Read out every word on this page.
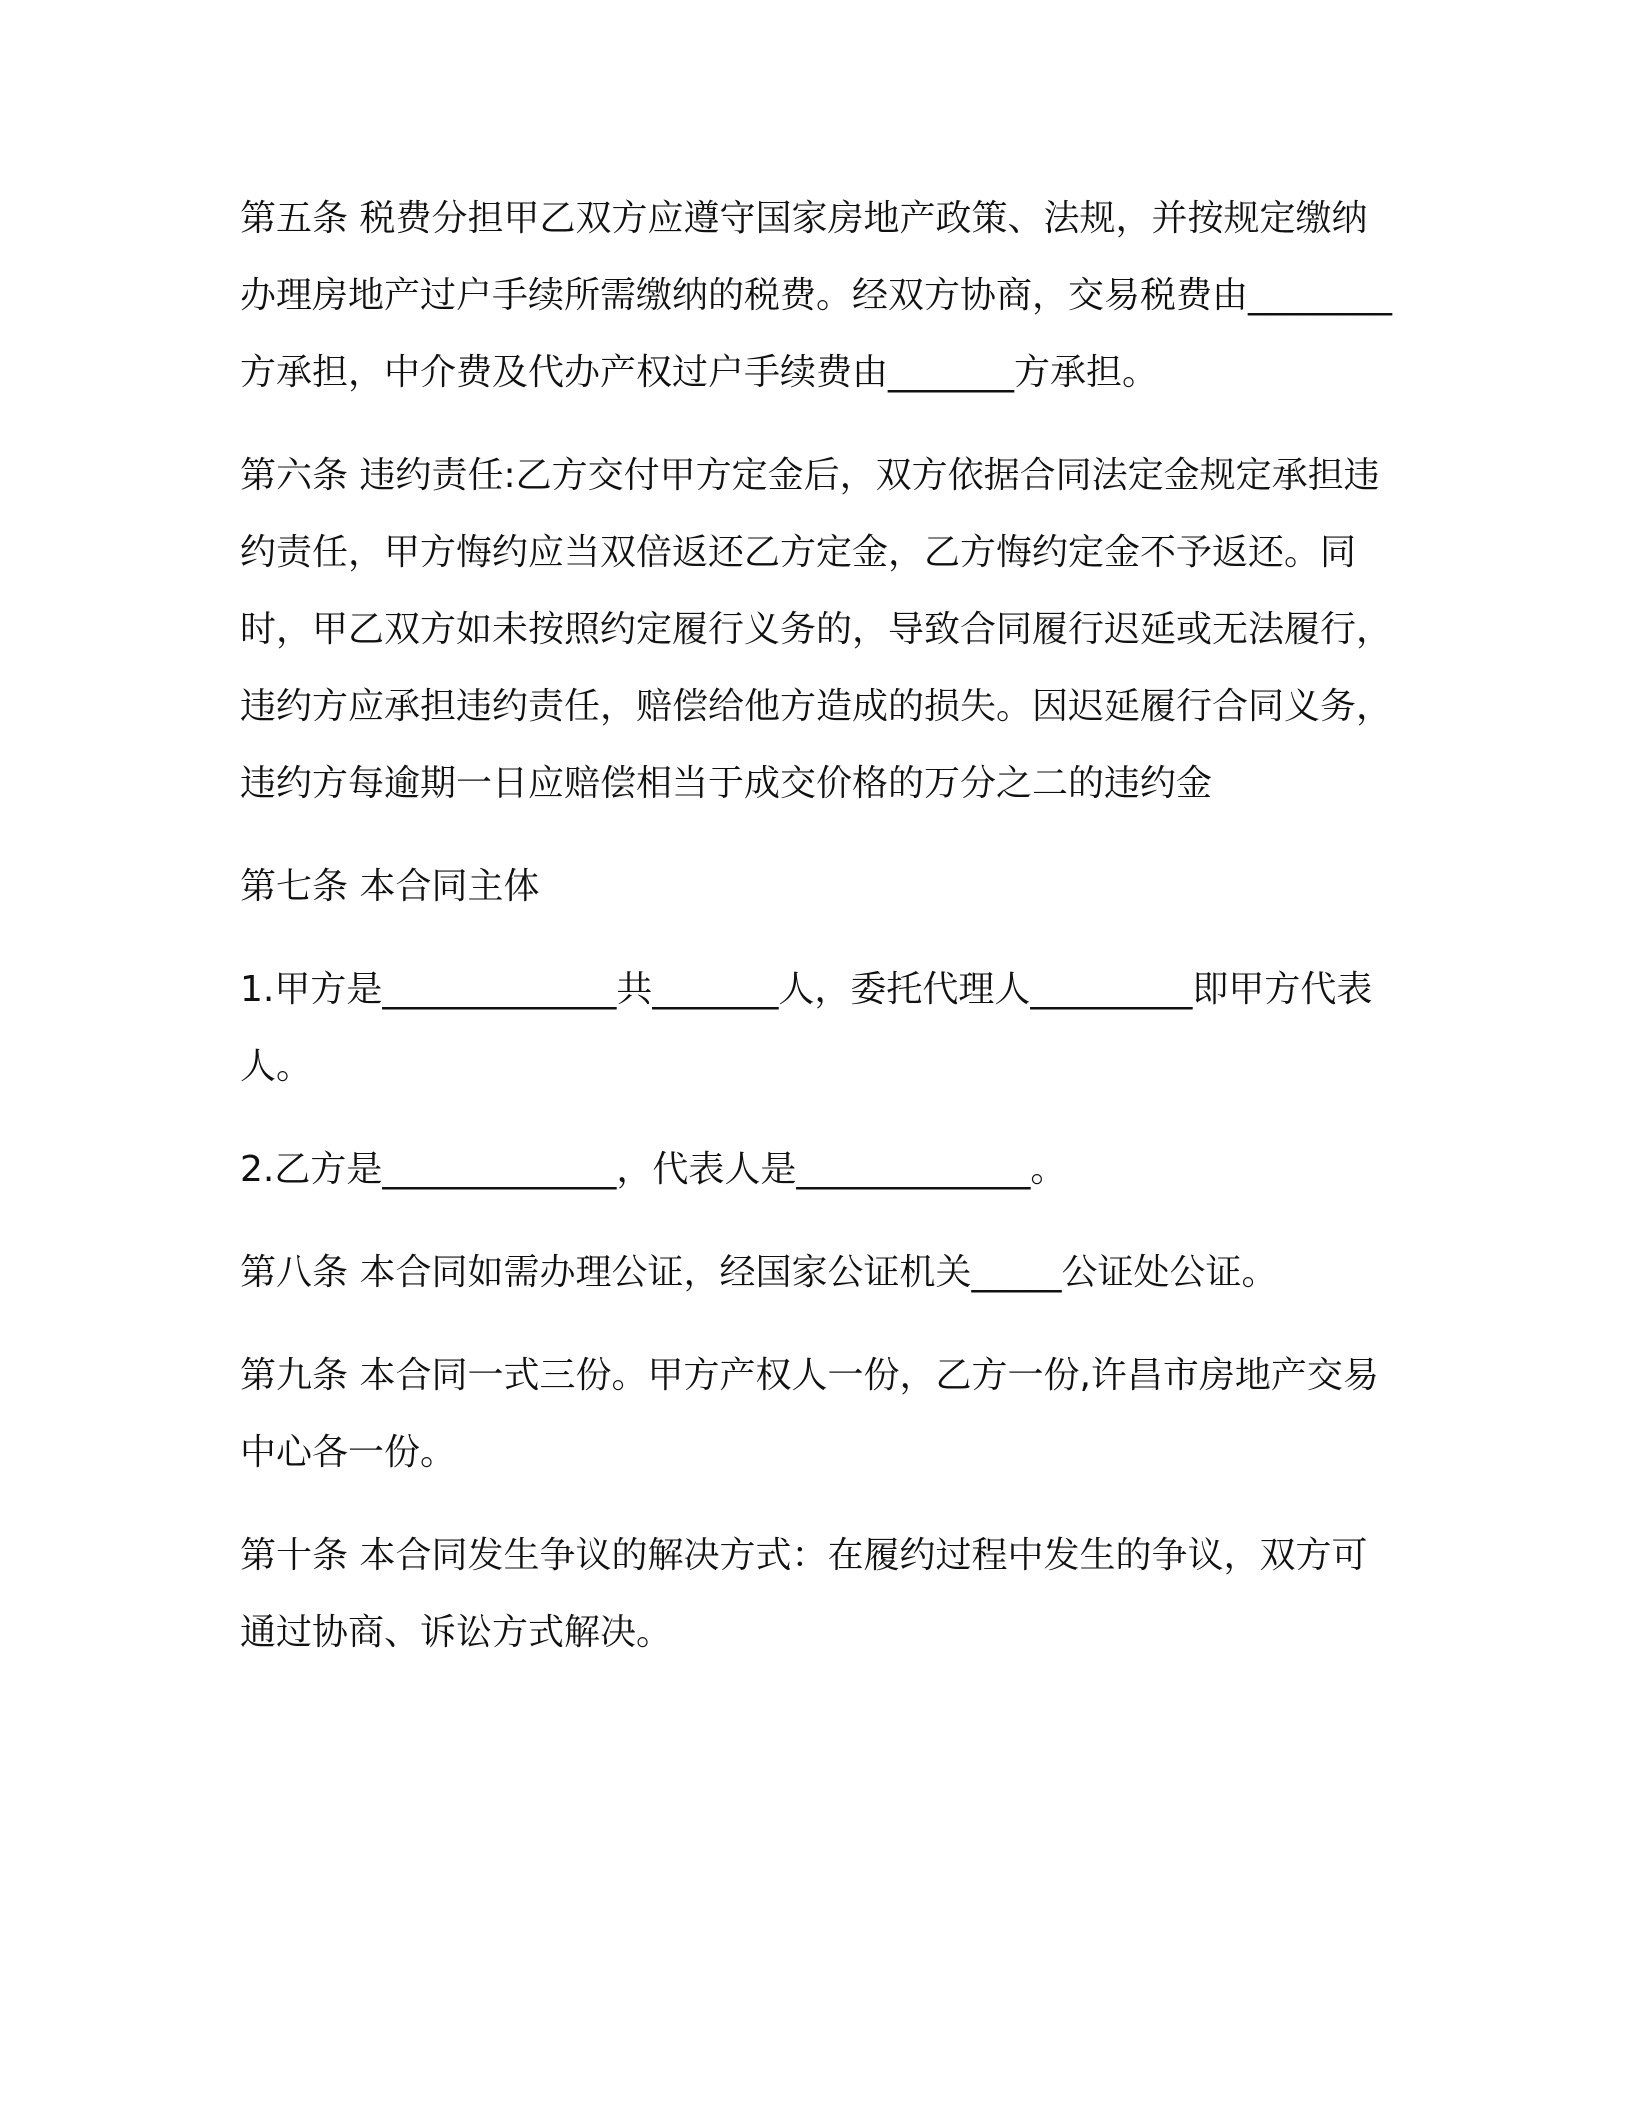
第五条 税费分担甲乙双方应遵守国家房地产政策、法规，并按规定缴纳办理房地产过户手续所需缴纳的税费。经双方协商，交易税费由________方承担，中介费及代办产权过户手续费由_______方承担。

第六条 违约责任:乙方交付甲方定金后，双方依据合同法定金规定承担违约责任，甲方悔约应当双倍返还乙方定金，乙方悔约定金不予返还。同时，甲乙双方如未按照约定履行义务的，导致合同履行迟延或无法履行，违约方应承担违约责任，赔偿给他方造成的损失。因迟延履行合同义务，违约方每逾期一日应赔偿相当于成交价格的万分之二的违约金

第七条 本合同主体

1.甲方是_____________共_______人，委托代理人_________即甲方代表人。

2.乙方是_____________，代表人是_____________。

第八条 本合同如需办理公证，经国家公证机关_____公证处公证。

第九条 本合同一式三份。甲方产权人一份，乙方一份,许昌市房地产交易中心各一份。

第十条 本合同发生争议的解决方式：在履约过程中发生的争议，双方可通过协商、诉讼方式解决。
